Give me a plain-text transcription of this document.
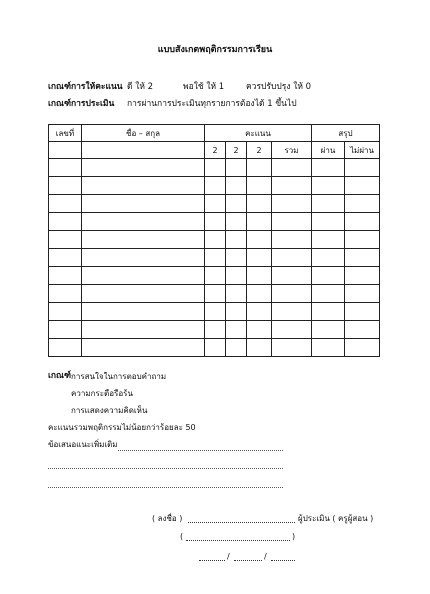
แบบสังเกตพฤติกรรมการเรียน
เกณฑ์การให้คะแนน ดี ให้ 2	พอใช้ ให้ 1	ควรปรับปรุง ให้ 0
เกณฑ์การประเมิน การผ่านการประเมินทุกรายการต้องได้ 1 ขึ้นไป
เลขที่	ชื่อ – สกุล	คะแนน				สรุป	
		2	2	2	รวม	ผ่าน	ไม่ผ่าน

เกณฑ์ การสนใจในการตอบคำถาม
ความกระตือรือร้น
การแสดงความคิดเห็น
คะแนนรวมพฤติกรรมไม่น้อยกว่าร้อยละ 50
ข้อเสนอแนะเพิ่มเติม
( ลงชื่อ )	ผู้ประเมิน ( ครูผู้สอน )
(	)
/	/
